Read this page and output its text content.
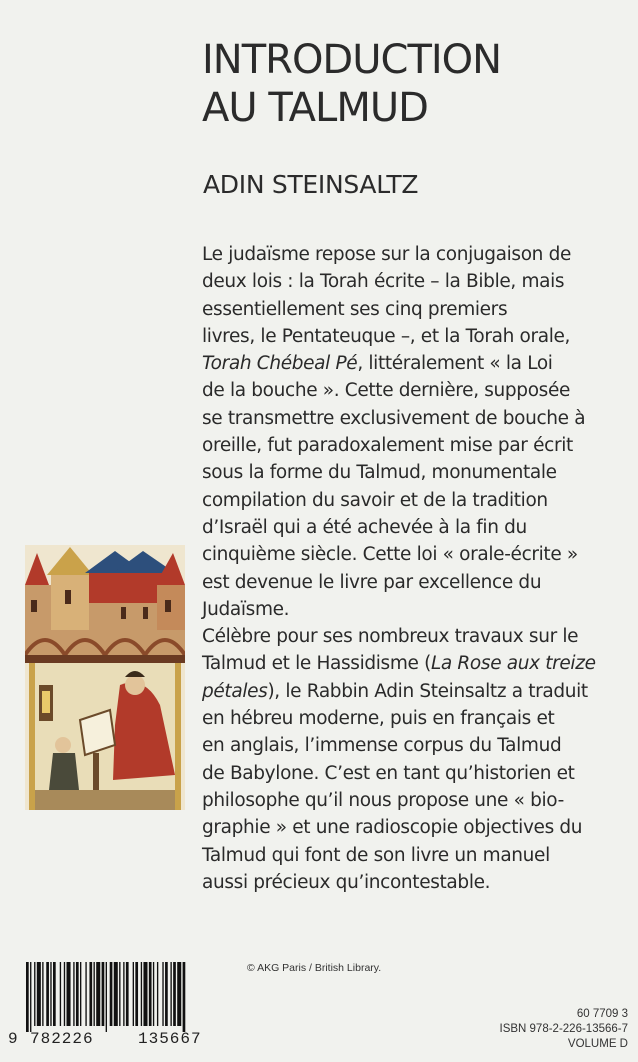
INTRODUCTION
AU TALMUD
ADIN STEINSALTZ
Le judaïsme repose sur la conjugaison de
deux lois : la Torah écrite – la Bible, mais
essentiellement ses cinq premiers
livres, le Pentateuque –, et la Torah orale,
Torah Chébeal Pé, littéralement « la Loi
de la bouche ». Cette dernière, supposée
se transmettre exclusivement de bouche à
oreille, fut paradoxalement mise par écrit
sous la forme du Talmud, monumentale
compilation du savoir et de la tradition
d’Israël qui a été achevée à la fin du
cinquième siècle. Cette loi « orale-écrite »
est devenue le livre par excellence du
Judaïsme.
Célèbre pour ses nombreux travaux sur le
Talmud et le Hassidisme (La Rose aux treize
pétales), le Rabbin Adin Steinsaltz a traduit
en hébreu moderne, puis en français et
en anglais, l’immense corpus du Talmud
de Babylone. C’est en tant qu’historien et
philosophe qu’il nous propose une « bio-
graphie » et une radioscopie objectives du
Talmud qui font de son livre un manuel
aussi précieux qu’incontestable.
© AKG Paris / British Library.
9 782226	135667
60 7709 3
ISBN 978-2-226-13566-7
VOLUME D
